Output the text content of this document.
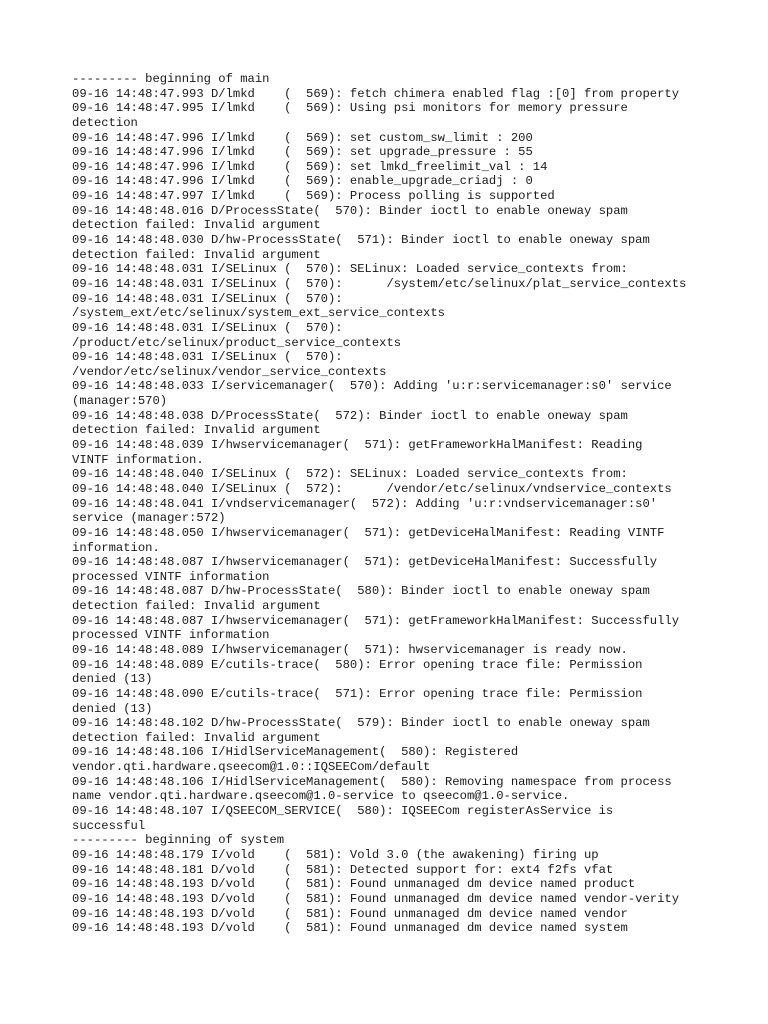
--------- beginning of main
09-16 14:48:47.993 D/lmkd    (  569): fetch chimera enabled flag :[0] from property
09-16 14:48:47.995 I/lmkd    (  569): Using psi monitors for memory pressure
detection
09-16 14:48:47.996 I/lmkd    (  569): set custom_sw_limit : 200
09-16 14:48:47.996 I/lmkd    (  569): set upgrade_pressure : 55
09-16 14:48:47.996 I/lmkd    (  569): set lmkd_freelimit_val : 14
09-16 14:48:47.996 I/lmkd    (  569): enable_upgrade_criadj : 0
09-16 14:48:47.997 I/lmkd    (  569): Process polling is supported
09-16 14:48:48.016 D/ProcessState(  570): Binder ioctl to enable oneway spam
detection failed: Invalid argument
09-16 14:48:48.030 D/hw-ProcessState(  571): Binder ioctl to enable oneway spam
detection failed: Invalid argument
09-16 14:48:48.031 I/SELinux (  570): SELinux: Loaded service_contexts from:
09-16 14:48:48.031 I/SELinux (  570):      /system/etc/selinux/plat_service_contexts
09-16 14:48:48.031 I/SELinux (  570):
/system_ext/etc/selinux/system_ext_service_contexts
09-16 14:48:48.031 I/SELinux (  570):
/product/etc/selinux/product_service_contexts
09-16 14:48:48.031 I/SELinux (  570):
/vendor/etc/selinux/vendor_service_contexts
09-16 14:48:48.033 I/servicemanager(  570): Adding 'u:r:servicemanager:s0' service
(manager:570)
09-16 14:48:48.038 D/ProcessState(  572): Binder ioctl to enable oneway spam
detection failed: Invalid argument
09-16 14:48:48.039 I/hwservicemanager(  571): getFrameworkHalManifest: Reading
VINTF information.
09-16 14:48:48.040 I/SELinux (  572): SELinux: Loaded service_contexts from:
09-16 14:48:48.040 I/SELinux (  572):      /vendor/etc/selinux/vndservice_contexts
09-16 14:48:48.041 I/vndservicemanager(  572): Adding 'u:r:vndservicemanager:s0'
service (manager:572)
09-16 14:48:48.050 I/hwservicemanager(  571): getDeviceHalManifest: Reading VINTF
information.
09-16 14:48:48.087 I/hwservicemanager(  571): getDeviceHalManifest: Successfully
processed VINTF information
09-16 14:48:48.087 D/hw-ProcessState(  580): Binder ioctl to enable oneway spam
detection failed: Invalid argument
09-16 14:48:48.087 I/hwservicemanager(  571): getFrameworkHalManifest: Successfully
processed VINTF information
09-16 14:48:48.089 I/hwservicemanager(  571): hwservicemanager is ready now.
09-16 14:48:48.089 E/cutils-trace(  580): Error opening trace file: Permission
denied (13)
09-16 14:48:48.090 E/cutils-trace(  571): Error opening trace file: Permission
denied (13)
09-16 14:48:48.102 D/hw-ProcessState(  579): Binder ioctl to enable oneway spam
detection failed: Invalid argument
09-16 14:48:48.106 I/HidlServiceManagement(  580): Registered
vendor.qti.hardware.qseecom@1.0::IQSEECom/default
09-16 14:48:48.106 I/HidlServiceManagement(  580): Removing namespace from process
name vendor.qti.hardware.qseecom@1.0-service to qseecom@1.0-service.
09-16 14:48:48.107 I/QSEECOM_SERVICE(  580): IQSEECom registerAsService is
successful
--------- beginning of system
09-16 14:48:48.179 I/vold    (  581): Vold 3.0 (the awakening) firing up
09-16 14:48:48.181 D/vold    (  581): Detected support for: ext4 f2fs vfat
09-16 14:48:48.193 D/vold    (  581): Found unmanaged dm device named product
09-16 14:48:48.193 D/vold    (  581): Found unmanaged dm device named vendor-verity
09-16 14:48:48.193 D/vold    (  581): Found unmanaged dm device named vendor
09-16 14:48:48.193 D/vold    (  581): Found unmanaged dm device named system
